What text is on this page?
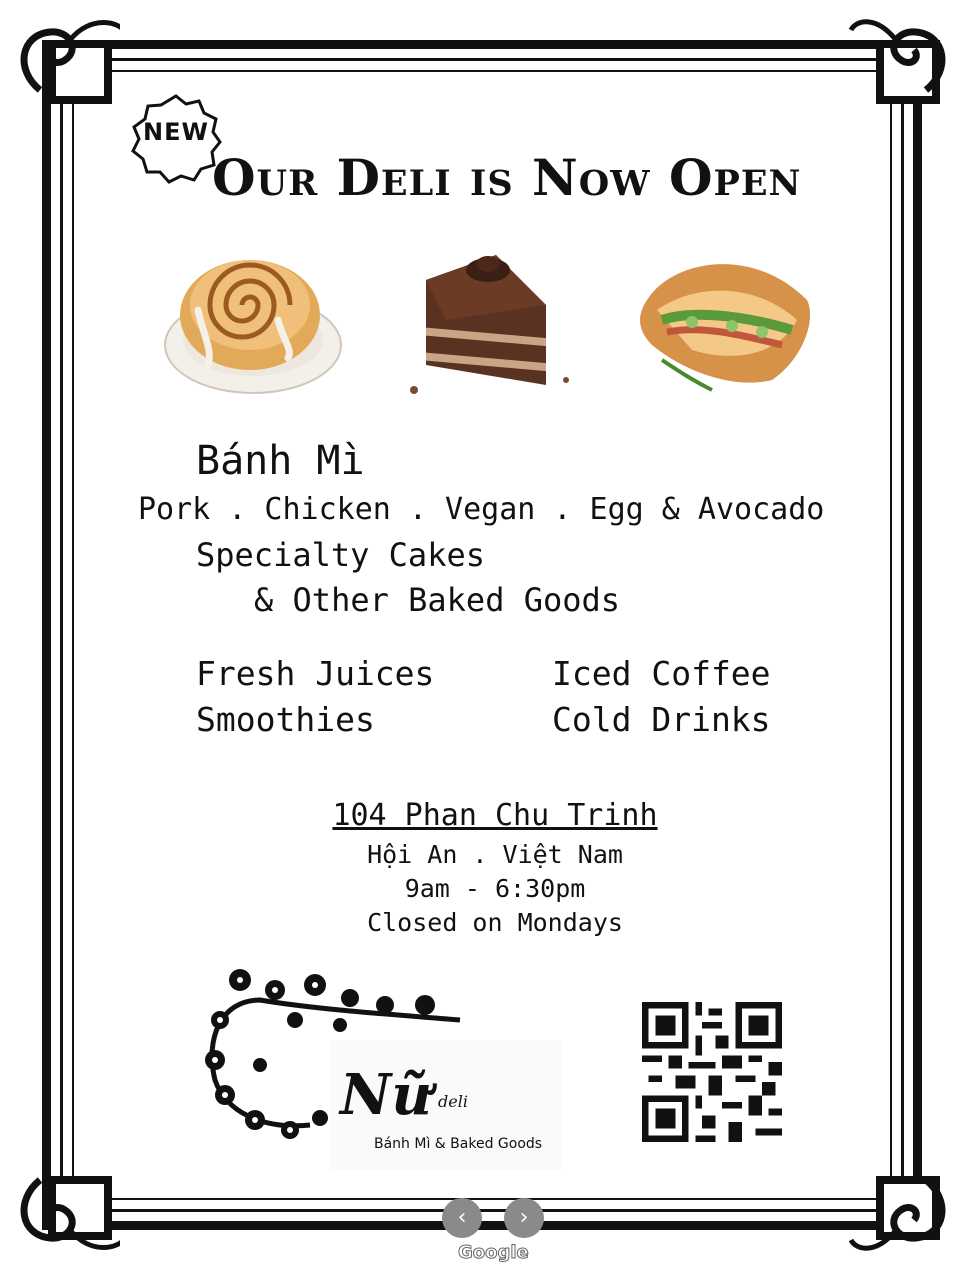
NEW
Our Deli is Now Open
Bánh Mì
Pork . Chicken . Vegan . Egg & Avocado
Specialty Cakes
& Other Baked Goods
Fresh Juices	Iced Coffee
Smoothies	Cold Drinks
104 Phan Chu Trinh
Hội An . Việt Nam
9am - 6:30pm
Closed on Mondays
Nữ deli
Bánh Mì & Baked Goods
‹	›
Google
